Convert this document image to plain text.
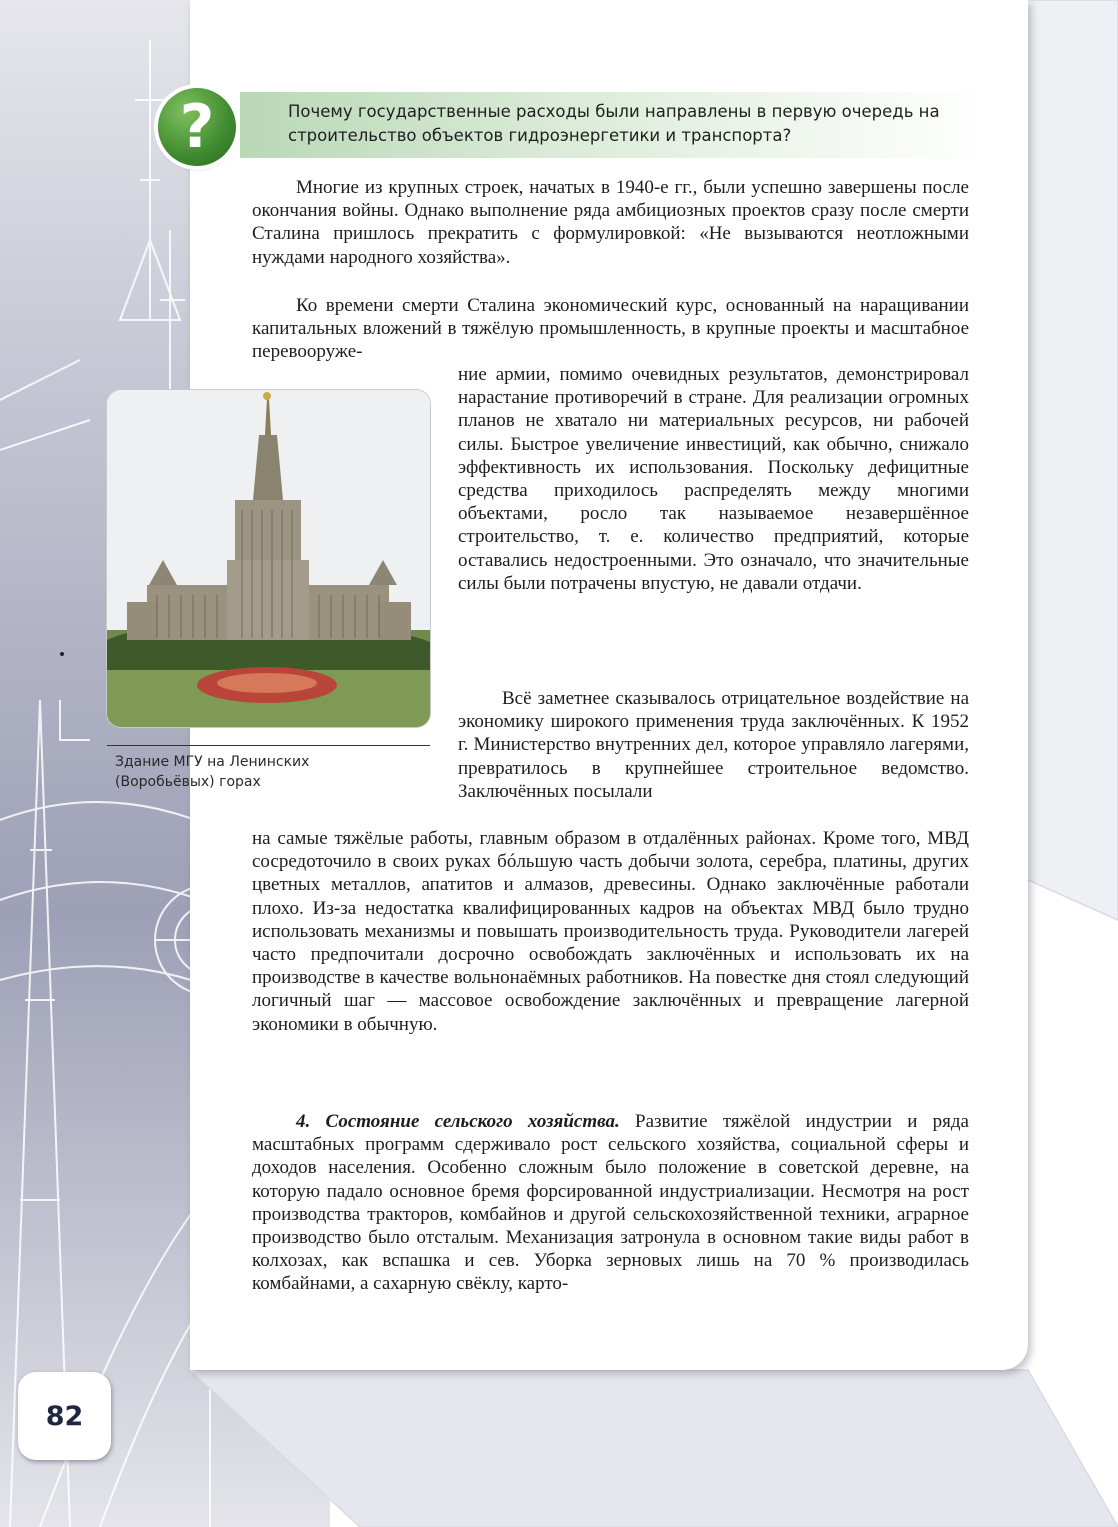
?	Почему государственные расходы были направлены в первую очередь на строительство объектов гидроэнергетики и транспорта?

Многие из крупных строек, начатых в 1940-е гг., были успешно завершены после окончания войны. Однако выполнение ряда амбициозных проектов сразу после смерти Сталина пришлось прекратить с формулировкой: «Не вызываются неотложными нуждами народного хозяйства».

Ко времени смерти Сталина экономический курс, основанный на наращивании капитальных вложений в тяжёлую промышленность, в крупные проекты и масштабное перевооруже-

ние армии, помимо очевидных результатов, демонстрировал нарастание противоречий в стране. Для реализации огромных планов не хватало ни материальных ресурсов, ни рабочей силы. Быстрое увеличение инвестиций, как обычно, снижало эффективность их использования. Поскольку дефицитные средства приходилось распределять между многими объектами, росло так называемое незавершённое строительство, т. е. количество предприятий, которые оставались недостроенными. Это означало, что значительные силы были потрачены впустую, не давали отдачи.

Здание МГУ на Ленинских (Воробьёвых) горах

Всё заметнее сказывалось отрицательное воздействие на экономику широкого применения труда заключённых. К 1952 г. Министерство внутренних дел, которое управляло лагерями, превратилось в крупнейшее строительное ведомство. Заключённых посылали

на самые тяжёлые работы, главным образом в отдалённых районах. Кроме того, МВД сосредоточило в своих руках бóльшую часть добычи золота, серебра, платины, других цветных металлов, апатитов и алмазов, древесины. Однако заключённые работали плохо. Из-за недостатка квалифицированных кадров на объектах МВД было трудно использовать механизмы и повышать производительность труда. Руководители лагерей часто предпочитали досрочно освобождать заключённых и использовать их на производстве в качестве вольнонаёмных работников. На повестке дня стоял следующий логичный шаг — массовое освобождение заключённых и превращение лагерной экономики в обычную.

4. Состояние сельского хозяйства. Развитие тяжёлой индустрии и ряда масштабных программ сдерживало рост сельского хозяйства, социальной сферы и доходов населения. Особенно сложным было положение в советской деревне, на которую падало основное бремя форсированной индустриализации. Несмотря на рост производства тракторов, комбайнов и другой сельскохозяйственной техники, аграрное производство было отсталым. Механизация затронула в основном такие виды работ в колхозах, как вспашка и сев. Уборка зерновых лишь на 70 % производилась комбайнами, а сахарную свёклу, карто-

82
